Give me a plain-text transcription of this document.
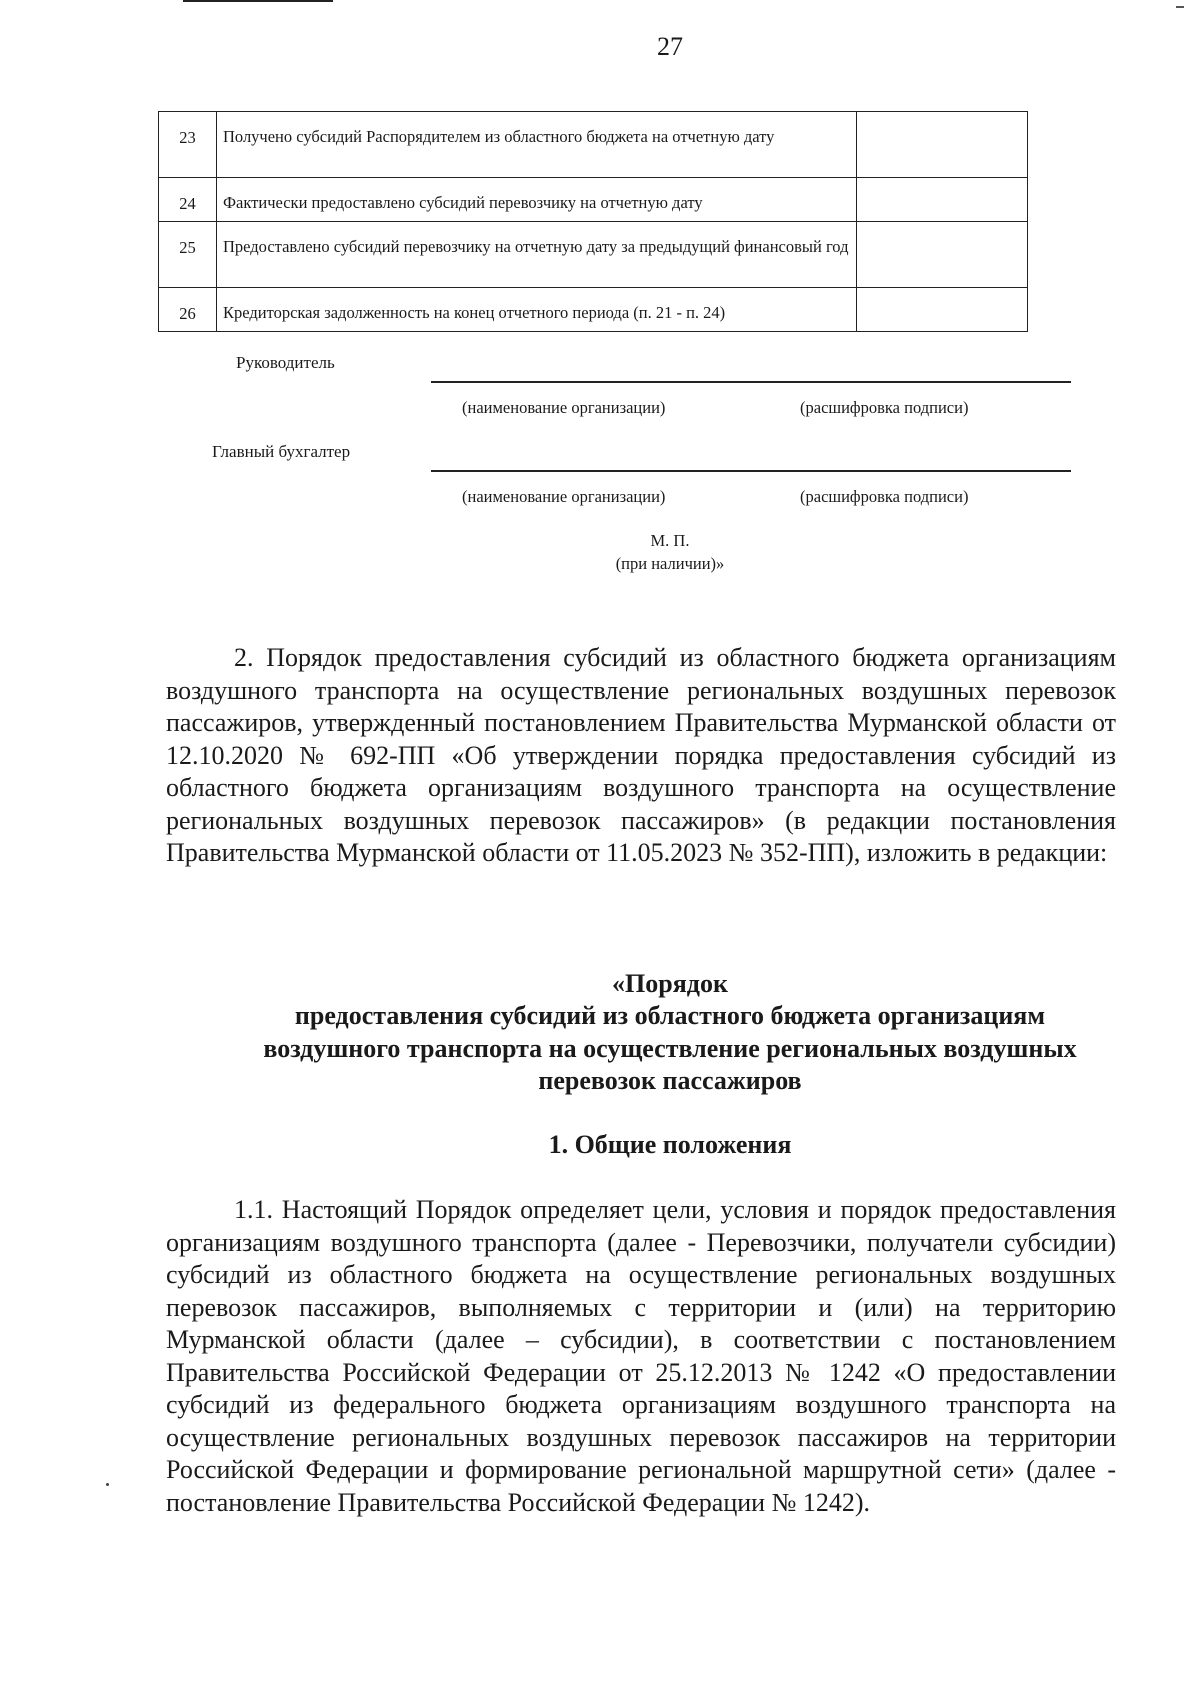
27
23	Получено субсидий Распорядителем из областного бюджета на отчетную дату	
24	Фактически предоставлено субсидий перевозчику на отчетную дату	
25	Предоставлено субсидий перевозчику на отчетную дату за предыдущий финансовый год	
26	Кредиторская задолженность на конец отчетного периода (п. 21 - п. 24)	
Руководитель
(наименование организации)	(расшифровка подписи)
Главный бухгалтер
(наименование организации)	(расшифровка подписи)
М. П.
(при наличии)»

2. Порядок предоставления субсидий из областного бюджета организациям воздушного транспорта на осуществление региональных воздушных перевозок пассажиров, утвержденный постановлением Правительства Мурманской области от 12.10.2020 № 692-ПП «Об утверждении порядка предоставления субсидий из областного бюджета организациям воздушного транспорта на осуществление региональных воздушных перевозок пассажиров» (в редакции постановления Правительства Мурманской области от 11.05.2023 № 352-ПП), изложить в редакции:

«Порядок

предоставления субсидий из областного бюджета организациям

воздушного транспорта на осуществление региональных воздушных

перевозок пассажиров

1. Общие положения

1.1. Настоящий Порядок определяет цели, условия и порядок предоставления организациям воздушного транспорта (далее - Перевозчики, получатели субсидии) субсидий из областного бюджета на осуществление региональных воздушных перевозок пассажиров, выполняемых с территории и (или) на территорию Мурманской области (далее – субсидии), в соответствии с постановлением Правительства Российской Федерации от 25.12.2013 № 1242 «О предоставлении субсидий из федерального бюджета организациям воздушного транспорта на осуществление региональных воздушных перевозок пассажиров на территории Российской Федерации и формирование региональной маршрутной сети» (далее - постановление Правительства Российской Федерации № 1242).
